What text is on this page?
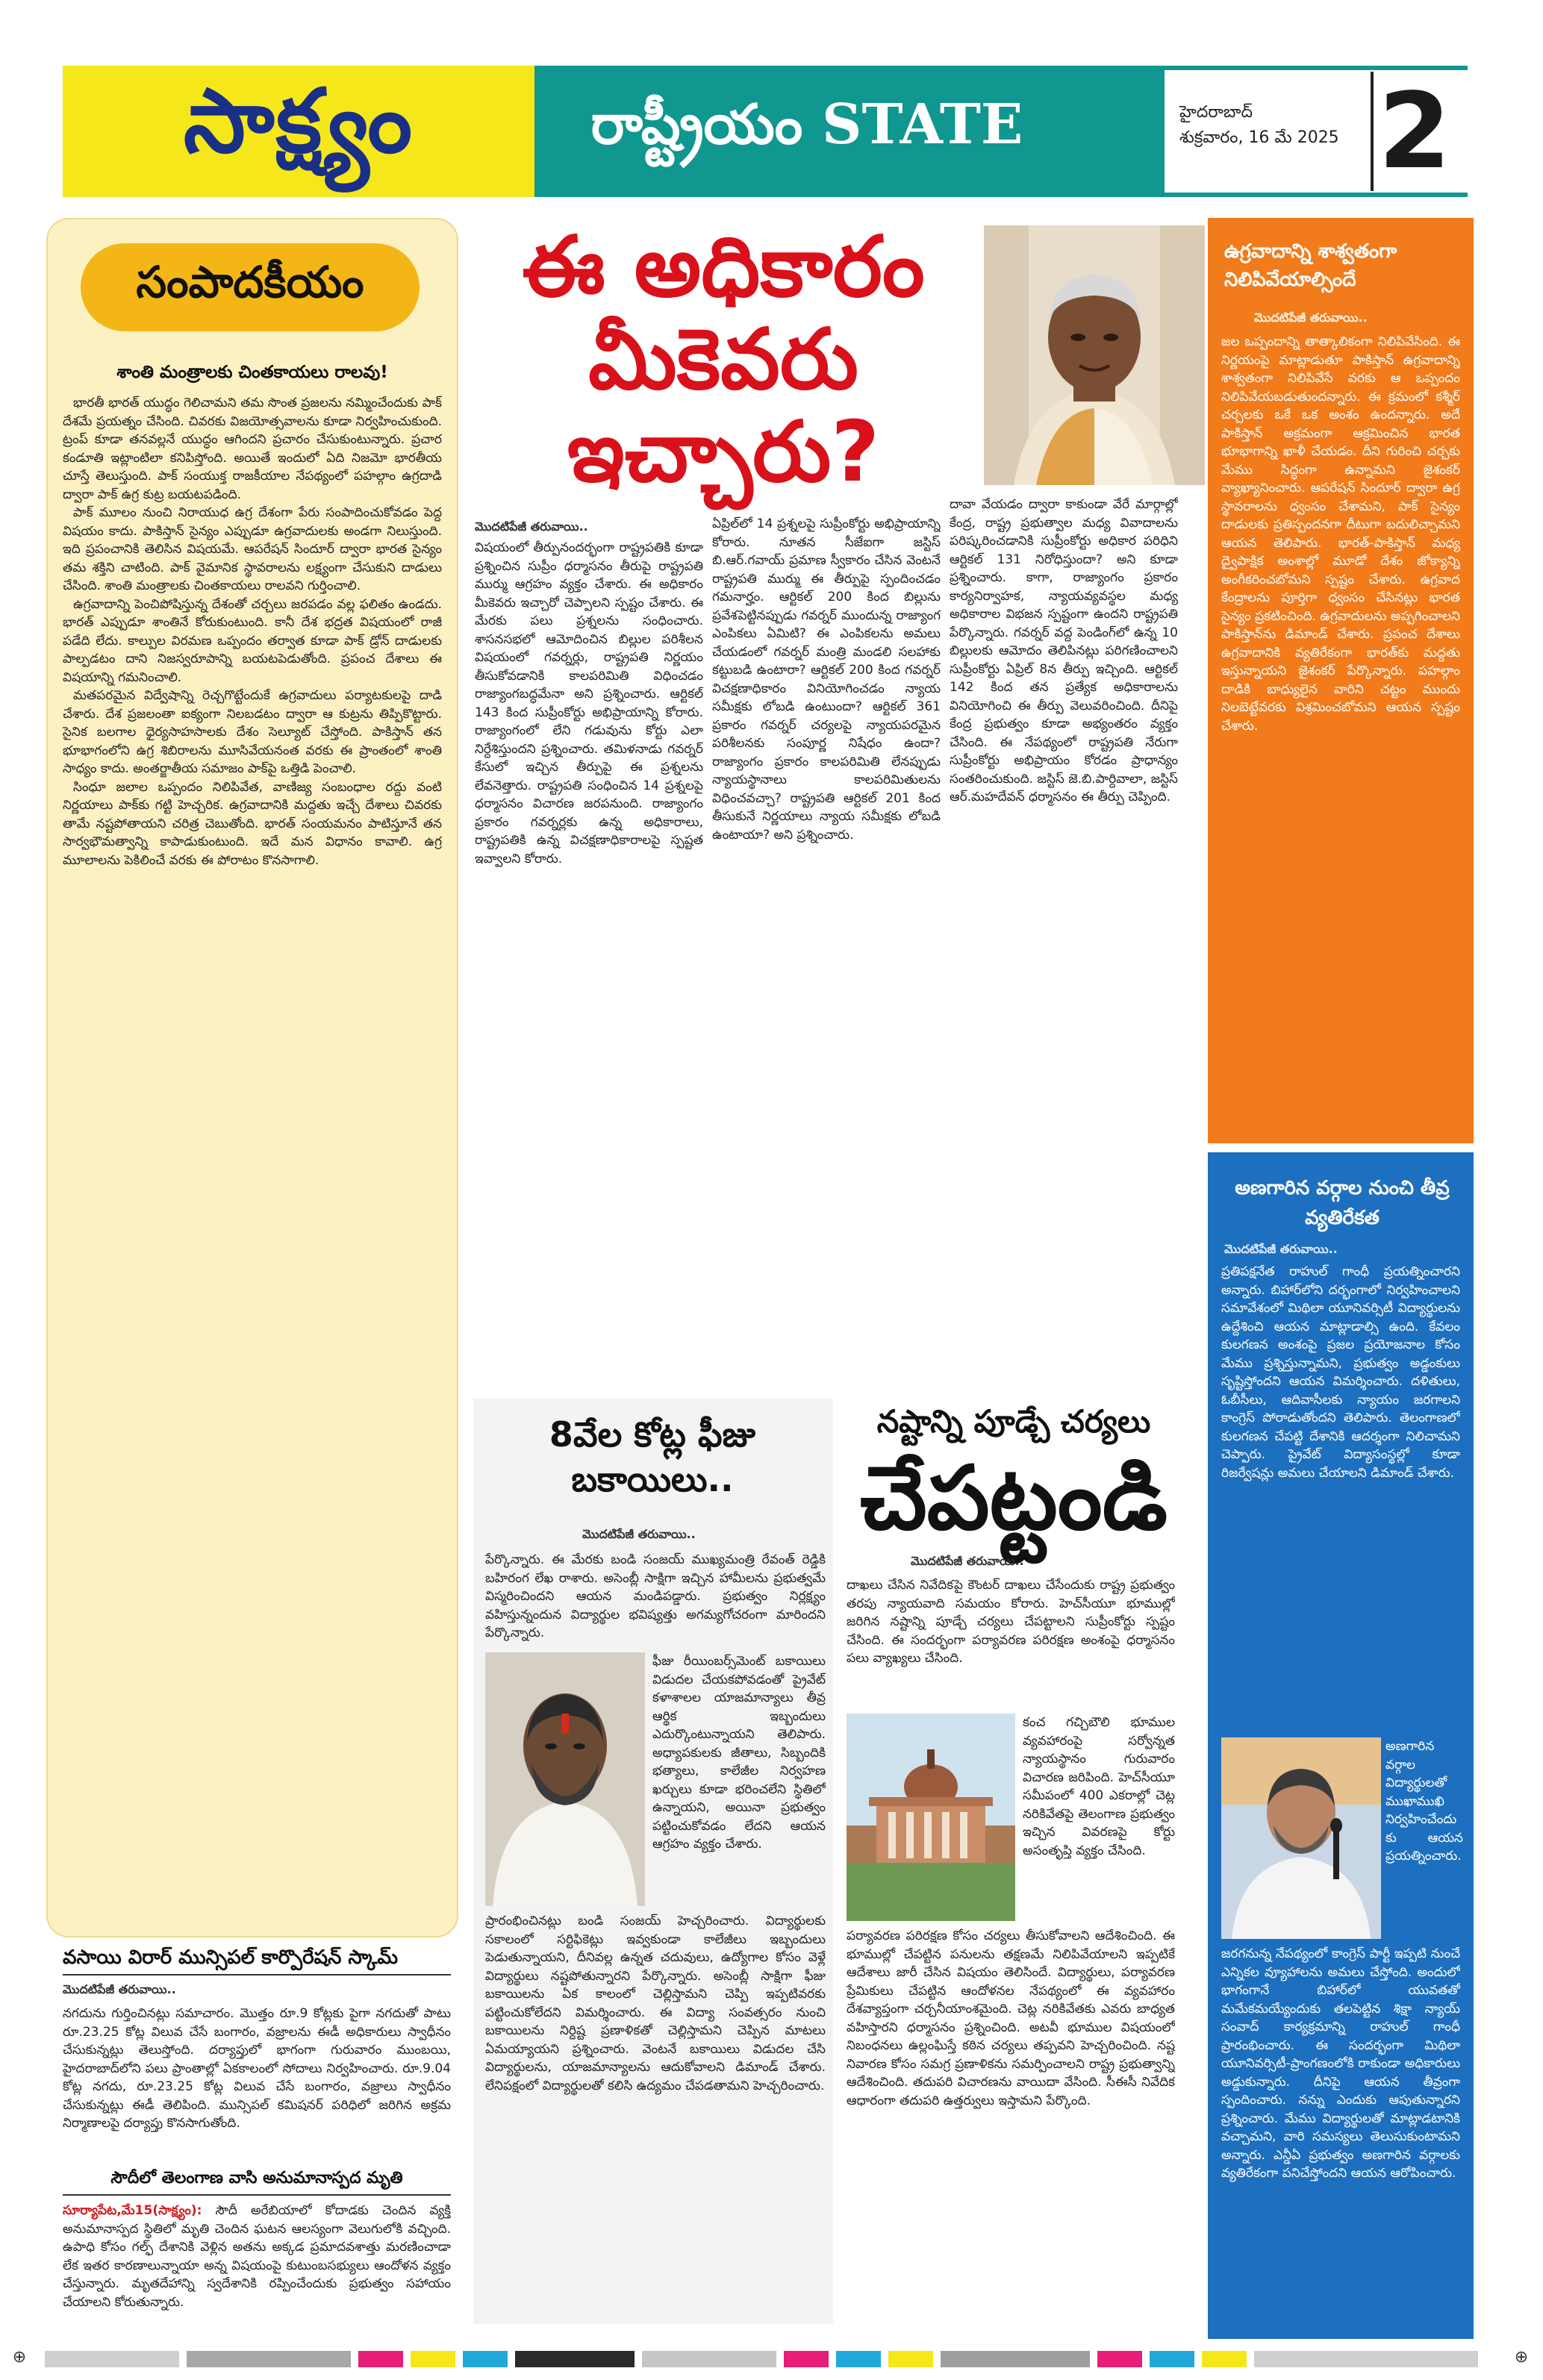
సాక్ష్యం	రాష్ట్రీయం STATE	హైదరాబాద్
శుక్రవారం, 16 మే 2025 2
సంపాదకీయం
శాంతి మంత్రాలకు చింతకాయలు రాలవు!

భారతీ భారత్ యుద్ధం గెలిచామని తమ సొంత ప్రజలను నమ్మించేందుకు పాక్ దేశమే ప్రయత్నం చేసింది. చివరకు విజయోత్సవాలను కూడా నిర్వహించుకుంది. ట్రంప్ కూడా తనవల్లనే యుద్ధం ఆగిందని ప్రచారం చేసుకుంటున్నారు. ప్రచార కండూతి ఇట్లాంటిలా కనిపిస్తోంది. అయితే ఇందులో ఏది నిజమో భారతీయ చూస్తే తెలుస్తుంది. పాక్ సంయుక్త రాజకీయాల నేపథ్యంలో పహల్గాం ఉగ్రదాడి ద్వారా పాక్ ఉగ్ర కుట్ర బయటపడింది.

పాక్ మూలం నుంచి నిరాయుధ ఉగ్ర దేశంగా పేరు సంపాదించుకోవడం పెద్ద విషయం కాదు. పాకిస్తాన్ సైన్యం ఎప్పుడూ ఉగ్రవాదులకు అండగా నిలుస్తుంది. ఇది ప్రపంచానికి తెలిసిన విషయమే. ఆపరేషన్ సిందూర్ ద్వారా భారత సైన్యం తమ శక్తిని చాటింది. పాక్ వైమానిక స్థావరాలను లక్ష్యంగా చేసుకుని దాడులు చేసింది. శాంతి మంత్రాలకు చింతకాయలు రాలవని గుర్తించాలి.

ఉగ్రవాదాన్ని పెంచిపోషిస్తున్న దేశంతో చర్చలు జరపడం వల్ల ఫలితం ఉండదు. భారత్ ఎప్పుడూ శాంతినే కోరుకుంటుంది. కానీ దేశ భద్రత విషయంలో రాజీ పడేది లేదు. కాల్పుల విరమణ ఒప్పందం తర్వాత కూడా పాక్ డ్రోన్ దాడులకు పాల్పడటం దాని నిజస్వరూపాన్ని బయటపెడుతోంది. ప్రపంచ దేశాలు ఈ విషయాన్ని గమనించాలి.

మతపరమైన విద్వేషాన్ని రెచ్చగొట్టేందుకే ఉగ్రవాదులు పర్యాటకులపై దాడి చేశారు. దేశ ప్రజలంతా ఐక్యంగా నిలబడటం ద్వారా ఆ కుట్రను తిప్పికొట్టారు. సైనిక బలగాల ధైర్యసాహసాలకు దేశం సెల్యూట్ చేస్తోంది. పాకిస్తాన్ తన భూభాగంలోని ఉగ్ర శిబిరాలను మూసివేయనంత వరకు ఈ ప్రాంతంలో శాంతి సాధ్యం కాదు. అంతర్జాతీయ సమాజం పాక్‌పై ఒత్తిడి పెంచాలి.

సింధూ జలాల ఒప్పందం నిలిపివేత, వాణిజ్య సంబంధాల రద్దు వంటి నిర్ణయాలు పాక్‌కు గట్టి హెచ్చరిక. ఉగ్రవాదానికి మద్దతు ఇచ్చే దేశాలు చివరకు తామే నష్టపోతాయని చరిత్ర చెబుతోంది. భారత్ సంయమనం పాటిస్తూనే తన సార్వభౌమత్వాన్ని కాపాడుకుంటుంది. ఇదే మన విధానం కావాలి. ఉగ్ర మూలాలను పెకిలించే వరకు ఈ పోరాటం కొనసాగాలి.

వసాయి విరార్ మున్సిపల్ కార్పొరేషన్ స్కామ్
మొదటిపేజీ తరువాయి..
నగదును గుర్తించినట్లు సమాచారం. మొత్తం రూ.9 కోట్లకు పైగా నగదుతో పాటు రూ.23.25 కోట్ల విలువ చేసే బంగారం, వజ్రాలను ఈడీ అధికారులు స్వాధీనం చేసుకున్నట్లు తెలుస్తోంది. దర్యాప్తులో భాగంగా గురువారం ముంబయి, హైదరాబాద్‌లోని పలు ప్రాంతాల్లో ఏకకాలంలో సోదాలు నిర్వహించారు. రూ.9.04 కోట్ల నగదు, రూ.23.25 కోట్ల విలువ చేసే బంగారం, వజ్రాలు స్వాధీనం చేసుకున్నట్లు ఈడీ తెలిపింది. మున్సిపల్ కమిషనర్ పరిధిలో జరిగిన అక్రమ నిర్మాణాలపై దర్యాప్తు కొనసాగుతోంది.
సౌదీలో తెలంగాణ వాసి అనుమానాస్పద మృతి
సూర్యాపేట,మే15(సాక్ష్యం): సౌదీ అరేబియాలో కోదాడకు చెందిన వ్యక్తి అనుమానాస్పద స్థితిలో మృతి చెందిన ఘటన ఆలస్యంగా వెలుగులోకి వచ్చింది. ఉపాధి కోసం గల్ఫ్ దేశానికి వెళ్లిన అతను అక్కడ ప్రమాదవశాత్తు మరణించాడా లేక ఇతర కారణాలున్నాయా అన్న విషయంపై కుటుంబసభ్యులు ఆందోళన వ్యక్తం చేస్తున్నారు. మృతదేహాన్ని స్వదేశానికి రప్పించేందుకు ప్రభుత్వం సహాయం చేయాలని కోరుతున్నారు.
ఈ అధికారం
మీకెవరు
ఇచ్చారు?
మొదటిపేజీ తరువాయి..
విషయంలో తీర్పునందర్భంగా రాష్ట్రపతికి కూడా ప్రశ్నించిన సుప్రీం ధర్మాసనం తీరుపై రాష్ట్రపతి ముర్ము ఆగ్రహం వ్యక్తం చేశారు. ఈ అధికారం మీకెవరు ఇచ్చారో చెప్పాలని స్పష్టం చేశారు. ఈ మేరకు పలు ప్రశ్నలను సంధించారు. శాసనసభలో ఆమోదించిన బిల్లుల పరిశీలన విషయంలో గవర్నర్లు, రాష్ట్రపతి నిర్ణయం తీసుకోవడానికి కాలపరిమితి విధించడం రాజ్యాంగబద్ధమేనా అని ప్రశ్నించారు. ఆర్టికల్ 143 కింద సుప్రీంకోర్టు అభిప్రాయాన్ని కోరారు. రాజ్యాంగంలో లేని గడువును కోర్టు ఎలా నిర్దేశిస్తుందని ప్రశ్నించారు. తమిళనాడు గవర్నర్ కేసులో ఇచ్చిన తీర్పుపై ఈ ప్రశ్నలను లేవనెత్తారు. రాష్ట్రపతి సంధించిన 14 ప్రశ్నలపై ధర్మాసనం విచారణ జరపనుంది. రాజ్యాంగం ప్రకారం గవర్నర్లకు ఉన్న అధికారాలు, రాష్ట్రపతికి ఉన్న విచక్షణాధికారాలపై స్పష్టత ఇవ్వాలని కోరారు.
ఏప్రిల్‌లో 14 ప్రశ్నలపై సుప్రీంకోర్టు అభిప్రాయాన్ని కోరారు. నూతన సీజేఐగా జస్టిస్ బి.ఆర్.గవాయ్ ప్రమాణ స్వీకారం చేసిన వెంటనే రాష్ట్రపతి ముర్ము ఈ తీర్పుపై స్పందించడం గమనార్హం. ఆర్టికల్ 200 కింద బిల్లును ప్రవేశపెట్టినప్పుడు గవర్నర్ ముందున్న రాజ్యాంగ ఎంపికలు ఏమిటి? ఈ ఎంపికలను అమలు చేయడంలో గవర్నర్ మంత్రి మండలి సలహాకు కట్టుబడి ఉంటారా? ఆర్టికల్ 200 కింద గవర్నర్ విచక్షణాధికారం వినియోగించడం న్యాయ సమీక్షకు లోబడి ఉంటుందా? ఆర్టికల్ 361 ప్రకారం గవర్నర్ చర్యలపై న్యాయపరమైన పరిశీలనకు సంపూర్ణ నిషేధం ఉందా? రాజ్యాంగం ప్రకారం కాలపరిమితి లేనప్పుడు న్యాయస్థానాలు కాలపరిమితులను విధించవచ్చా? రాష్ట్రపతి ఆర్టికల్ 201 కింద తీసుకునే నిర్ణయాలు న్యాయ సమీక్షకు లోబడి ఉంటాయా? అని ప్రశ్నించారు.
దావా వేయడం ద్వారా కాకుండా వేరే మార్గాల్లో కేంద్ర, రాష్ట్ర ప్రభుత్వాల మధ్య వివాదాలను పరిష్కరించడానికి సుప్రీంకోర్టు అధికార పరిధిని ఆర్టికల్ 131 నిరోధిస్తుందా? అని కూడా ప్రశ్నించారు. కాగా, రాజ్యాంగం ప్రకారం కార్యనిర్వాహక, న్యాయవ్యవస్థల మధ్య అధికారాల విభజన స్పష్టంగా ఉందని రాష్ట్రపతి పేర్కొన్నారు. గవర్నర్ వద్ద పెండింగ్‌లో ఉన్న 10 బిల్లులకు ఆమోదం తెలిపినట్లు పరిగణించాలని సుప్రీంకోర్టు ఏప్రిల్ 8న తీర్పు ఇచ్చింది. ఆర్టికల్ 142 కింద తన ప్రత్యేక అధికారాలను వినియోగించి ఈ తీర్పు వెలువరించింది. దీనిపై కేంద్ర ప్రభుత్వం కూడా అభ్యంతరం వ్యక్తం చేసింది. ఈ నేపథ్యంలో రాష్ట్రపతి నేరుగా సుప్రీంకోర్టు అభిప్రాయం కోరడం ప్రాధాన్యం సంతరించుకుంది. జస్టిస్ జె.బి.పార్దివాలా, జస్టిస్ ఆర్.మహదేవన్ ధర్మాసనం ఈ తీర్పు చెప్పింది.
8వేల కోట్ల ఫీజు బకాయిలు..
మొదటిపేజీ తరువాయి..
పేర్కొన్నారు. ఈ మేరకు బండి సంజయ్ ముఖ్యమంత్రి రేవంత్ రెడ్డికి బహిరంగ లేఖ రాశారు. అసెంబ్లీ సాక్షిగా ఇచ్చిన హామీలను ప్రభుత్వమే విస్మరించిందని ఆయన మండిపడ్డారు. ప్రభుత్వం నిర్లక్ష్యం వహిస్తున్నందున విద్యార్థుల భవిష్యత్తు అగమ్యగోచరంగా మారిందని పేర్కొన్నారు.
ఫీజు రీయింబర్స్‌మెంట్ బకాయిలు విడుదల చేయకపోవడంతో ప్రైవేట్ కళాశాలల యాజమాన్యాలు తీవ్ర ఆర్థిక ఇబ్బందులు ఎదుర్కొంటున్నాయని తెలిపారు. అధ్యాపకులకు జీతాలు, సిబ్బందికి భత్యాలు, కాలేజీల నిర్వహణ ఖర్చులు కూడా భరించలేని స్థితిలో ఉన్నాయని, అయినా ప్రభుత్వం పట్టించుకోవడం లేదని ఆయన ఆగ్రహం వ్యక్తం చేశారు.
ప్రారంభించినట్లు బండి సంజయ్ హెచ్చరించారు. విద్యార్థులకు సకాలంలో సర్టిఫికెట్లు ఇవ్వకుండా కాలేజీలు ఇబ్బందులు పెడుతున్నాయని, దీనివల్ల ఉన్నత చదువులు, ఉద్యోగాల కోసం వెళ్లే విద్యార్థులు నష్టపోతున్నారని పేర్కొన్నారు. అసెంబ్లీ సాక్షిగా ఫీజు బకాయిలను ఏక కాలంలో చెల్లిస్తామని చెప్పి ఇప్పటివరకు పట్టించుకోలేదని విమర్శించారు. ఈ విద్యా సంవత్సరం నుంచి బకాయిలను నిర్దిష్ట ప్రణాళికతో చెల్లిస్తామని చెప్పిన మాటలు ఏమయ్యాయని ప్రశ్నించారు. వెంటనే బకాయిలు విడుదల చేసి విద్యార్థులను, యాజమాన్యాలను ఆదుకోవాలని డిమాండ్ చేశారు. లేనిపక్షంలో విద్యార్థులతో కలిసి ఉద్యమం చేపడతామని హెచ్చరించారు.
నష్టాన్ని పూడ్చే చర్యలు
చేపట్టండి
మొదటిపేజీ తరువాయి..
దాఖలు చేసిన నివేదికపై కౌంటర్ దాఖలు చేసేందుకు రాష్ట్ర ప్రభుత్వం తరపు న్యాయవాది సమయం కోరారు. హెచ్‌సీయూ భూముల్లో జరిగిన నష్టాన్ని పూడ్చే చర్యలు చేపట్టాలని సుప్రీంకోర్టు స్పష్టం చేసింది. ఈ సందర్భంగా పర్యావరణ పరిరక్షణ అంశంపై ధర్మాసనం పలు వ్యాఖ్యలు చేసింది.
కంచ గచ్చిబౌలి భూముల వ్యవహారంపై సర్వోన్నత న్యాయస్థానం గురువారం విచారణ జరిపింది. హెచ్‌సీయూ సమీపంలో 400 ఎకరాల్లో చెట్ల నరికివేతపై తెలంగాణ ప్రభుత్వం ఇచ్చిన వివరణపై కోర్టు అసంతృప్తి వ్యక్తం చేసింది.
పర్యావరణ పరిరక్షణ కోసం చర్యలు తీసుకోవాలని ఆదేశించింది. ఈ భూముల్లో చేపట్టిన పనులను తక్షణమే నిలిపివేయాలని ఇప్పటికే ఆదేశాలు జారీ చేసిన విషయం తెలిసిందే. విద్యార్థులు, పర్యావరణ ప్రేమికులు చేపట్టిన ఆందోళనల నేపథ్యంలో ఈ వ్యవహారం దేశవ్యాప్తంగా చర్చనీయాంశమైంది. చెట్ల నరికివేతకు ఎవరు బాధ్యత వహిస్తారని ధర్మాసనం ప్రశ్నించింది. అటవీ భూముల విషయంలో నిబంధనలు ఉల్లంఘిస్తే కఠిన చర్యలు తప్పవని హెచ్చరించింది. నష్ట నివారణ కోసం సమగ్ర ప్రణాళికను సమర్పించాలని రాష్ట్ర ప్రభుత్వాన్ని ఆదేశించింది. తదుపరి విచారణను వాయిదా వేసింది. సీఈసీ నివేదిక ఆధారంగా తదుపరి ఉత్తర్వులు ఇస్తామని పేర్కొంది.
ఉగ్రవాదాన్ని శాశ్వతంగా నిలిపివేయాల్సిందే
మొదటిపేజీ తరువాయి..
జల ఒప్పందాన్ని తాత్కాలికంగా నిలిపివేసింది. ఈ నిర్ణయంపై మాట్లాడుతూ పాకిస్తాన్ ఉగ్రవాదాన్ని శాశ్వతంగా నిలిపివేసే వరకు ఆ ఒప్పందం నిలిపివేయబడుతుందన్నారు. ఈ క్రమంలో కశ్మీర్ చర్చలకు ఒకే ఒక అంశం ఉందన్నారు. అదే పాకిస్తాన్ అక్రమంగా ఆక్రమించిన భారత భూభాగాన్ని ఖాళీ చేయడం. దీని గురించి చర్చకు మేము సిద్ధంగా ఉన్నామని జైశంకర్ వ్యాఖ్యానించారు. ఆపరేషన్ సిందూర్ ద్వారా ఉగ్ర స్థావరాలను ధ్వంసం చేశామని, పాక్ సైన్యం దాడులకు ప్రతిస్పందనగా దీటుగా బదులిచ్చామని ఆయన తెలిపారు. భారత్-పాకిస్తాన్ మధ్య ద్వైపాక్షిక అంశాల్లో మూడో దేశం జోక్యాన్ని అంగీకరించబోమని స్పష్టం చేశారు. ఉగ్రవాద కేంద్రాలను పూర్తిగా ధ్వంసం చేసినట్లు భారత సైన్యం ప్రకటించింది. ఉగ్రవాదులను అప్పగించాలని పాకిస్తాన్‌ను డిమాండ్ చేశారు. ప్రపంచ దేశాలు ఉగ్రవాదానికి వ్యతిరేకంగా భారత్‌కు మద్దతు ఇస్తున్నాయని జైశంకర్ పేర్కొన్నారు. పహల్గాం దాడికి బాధ్యులైన వారిని చట్టం ముందు నిలబెట్టేవరకు విశ్రమించబోమని ఆయన స్పష్టం చేశారు.
అణగారిన వర్గాల నుంచి తీవ్ర వ్యతిరేకత
మొదటిపేజీ తరువాయి..
ప్రతిపక్షనేత రాహుల్ గాంధీ ప్రయత్నించారని అన్నారు. బిహార్‌లోని దర్భంగాలో నిర్వహించాలని సమావేశంలో మిథిలా యూనివర్సిటీ విద్యార్థులను ఉద్దేశించి ఆయన మాట్లాడాల్సి ఉంది. కేవలం కులగణన అంశంపై ప్రజల ప్రయోజనాల కోసం మేము ప్రశ్నిస్తున్నామని, ప్రభుత్వం అడ్డంకులు సృష్టిస్తోందని ఆయన విమర్శించారు. దళితులు, ఓబీసీలు, ఆదివాసీలకు న్యాయం జరగాలని కాంగ్రెస్ పోరాడుతోందని తెలిపారు. తెలంగాణలో కులగణన చేపట్టి దేశానికి ఆదర్శంగా నిలిచామని చెప్పారు. ప్రైవేట్ విద్యాసంస్థల్లో కూడా రిజర్వేషన్లు అమలు చేయాలని డిమాండ్ చేశారు.
అణగారిన వర్గాల విద్యార్థులతో ముఖాముఖి నిర్వహించేందుకు ఆయన ప్రయత్నించారు.
జరగనున్న నేపథ్యంలో కాంగ్రెస్ పార్టీ ఇప్పటి నుంచే ఎన్నికల వ్యూహాలను అమలు చేస్తోంది. అందులో భాగంగానే బిహార్‌లో యువతతో మమేకమయ్యేందుకు తలపెట్టిన శిక్షా న్యాయ్ సంవాద్ కార్యక్రమాన్ని రాహుల్ గాంధీ ప్రారంభించారు. ఈ సందర్భంగా మిథిలా యూనివర్సిటీ-ప్రాంగణంలోకి రాకుండా అధికారులు అడ్డుకున్నారు. దీనిపై ఆయన తీవ్రంగా స్పందించారు. నన్ను ఎందుకు ఆపుతున్నారని ప్రశ్నించారు. మేము విద్యార్థులతో మాట్లాడటానికి వచ్చామని, వారి సమస్యలు తెలుసుకుంటామని అన్నారు. ఎన్డీఏ ప్రభుత్వం అణగారిన వర్గాలకు వ్యతిరేకంగా పనిచేస్తోందని ఆయన ఆరోపించారు.
⊕	⊕
